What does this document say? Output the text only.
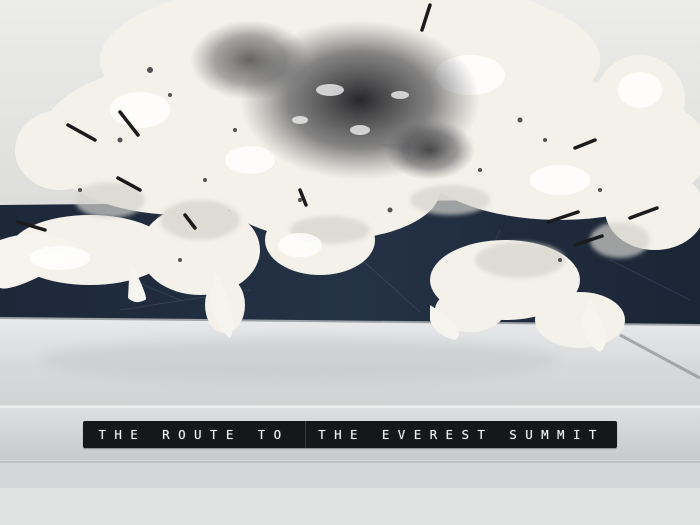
THE ROUTE TO	THE EVEREST SUMMIT
